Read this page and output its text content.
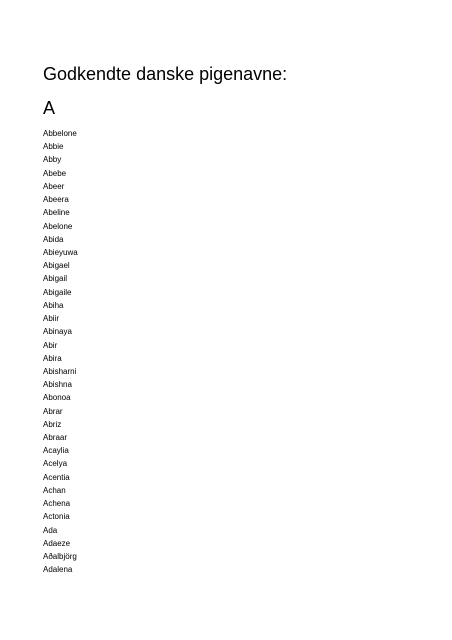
Godkendte danske pigenavne:
A
Abbelone
Abbie
Abby
Abebe
Abeer
Abeera
Abeline
Abelone
Abida
Abieyuwa
Abigael
Abigail
Abigaile
Abiha
Abiir
Abinaya
Abir
Abira
Abisharni
Abishna
Abonoa
Abrar
Abriz
Abraar
Acaylia
Acelya
Acentia
Achan
Achena
Actonia
Ada
Adaeze
Aðalbjörg
Adalena
